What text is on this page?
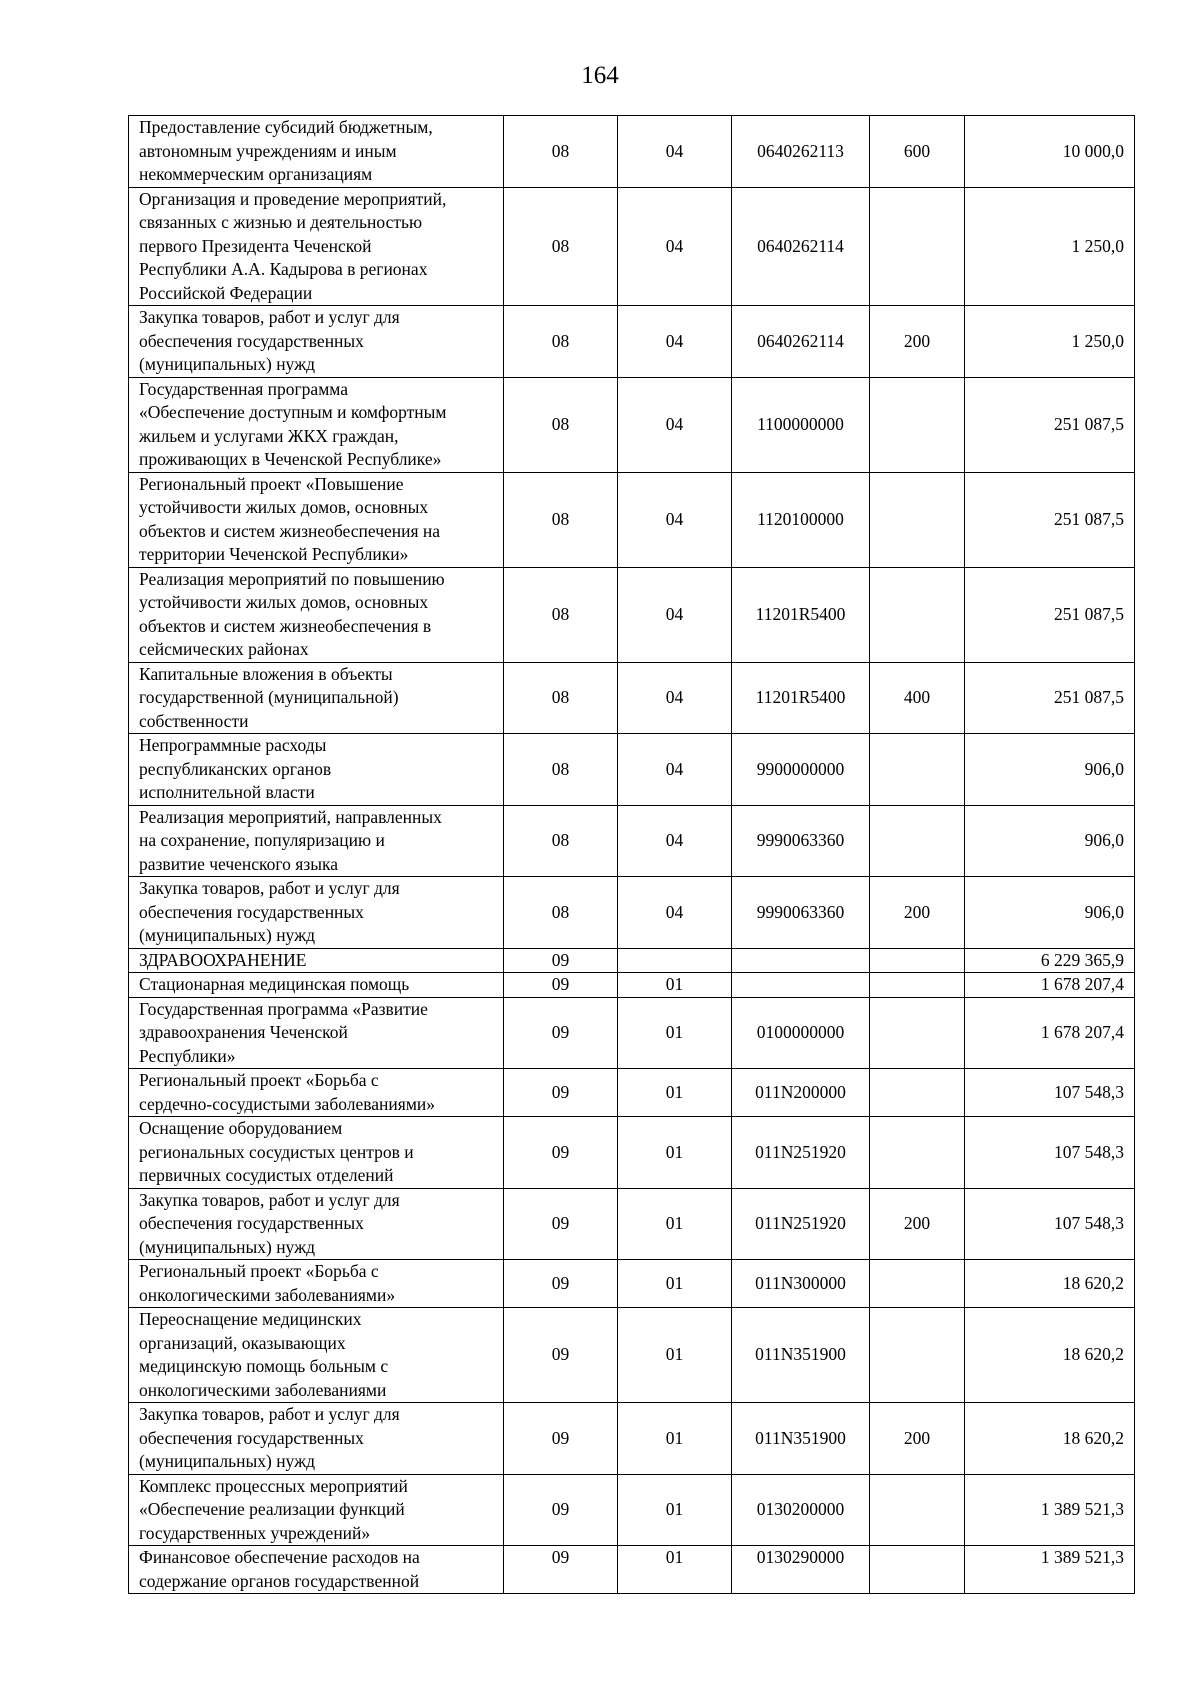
164
Предоставление субсидий бюджетным,
автономным учреждениям и иным
некоммерческим организациям	08	04	0640262113	600	10 000,0
Организация и проведение мероприятий,
связанных с жизнью и деятельностью
первого Президента Чеченской
Республики А.А. Кадырова в регионах
Российской Федерации	08	04	0640262114		1 250,0
Закупка товаров, работ и услуг для
обеспечения государственных
(муниципальных) нужд	08	04	0640262114	200	1 250,0
Государственная программа
«Обеспечение доступным и комфортным
жильем и услугами ЖКХ граждан,
проживающих в Чеченской Республике»	08	04	1100000000		251 087,5
Региональный проект «Повышение
устойчивости жилых домов, основных
объектов и систем жизнеобеспечения на
территории Чеченской Республики»	08	04	1120100000		251 087,5
Реализация мероприятий по повышению
устойчивости жилых домов, основных
объектов и систем жизнеобеспечения в
сейсмических районах	08	04	11201R5400		251 087,5
Капитальные вложения в объекты
государственной (муниципальной)
собственности	08	04	11201R5400	400	251 087,5
Непрограммные расходы
республиканских органов
исполнительной власти	08	04	9900000000		906,0
Реализация мероприятий, направленных
на сохранение, популяризацию и
развитие чеченского языка	08	04	9990063360		906,0
Закупка товаров, работ и услуг для
обеспечения государственных
(муниципальных) нужд	08	04	9990063360	200	906,0
ЗДРАВООХРАНЕНИЕ	09				6 229 365,9
Стационарная медицинская помощь	09	01			1 678 207,4
Государственная программа «Развитие
здравоохранения Чеченской
Республики»	09	01	0100000000		1 678 207,4
Региональный проект «Борьба с
сердечно-сосудистыми заболеваниями»	09	01	011N200000		107 548,3
Оснащение оборудованием
региональных сосудистых центров и
первичных сосудистых отделений	09	01	011N251920		107 548,3
Закупка товаров, работ и услуг для
обеспечения государственных
(муниципальных) нужд	09	01	011N251920	200	107 548,3
Региональный проект «Борьба с
онкологическими заболеваниями»	09	01	011N300000		18 620,2
Переоснащение медицинских
организаций, оказывающих
медицинскую помощь больным с
онкологическими заболеваниями	09	01	011N351900		18 620,2
Закупка товаров, работ и услуг для
обеспечения государственных
(муниципальных) нужд	09	01	011N351900	200	18 620,2
Комплекс процессных мероприятий
«Обеспечение реализации функций
государственных учреждений»	09	01	0130200000		1 389 521,3
Финансовое обеспечение расходов на
содержание органов государственной	09	01	0130290000		1 389 521,3
